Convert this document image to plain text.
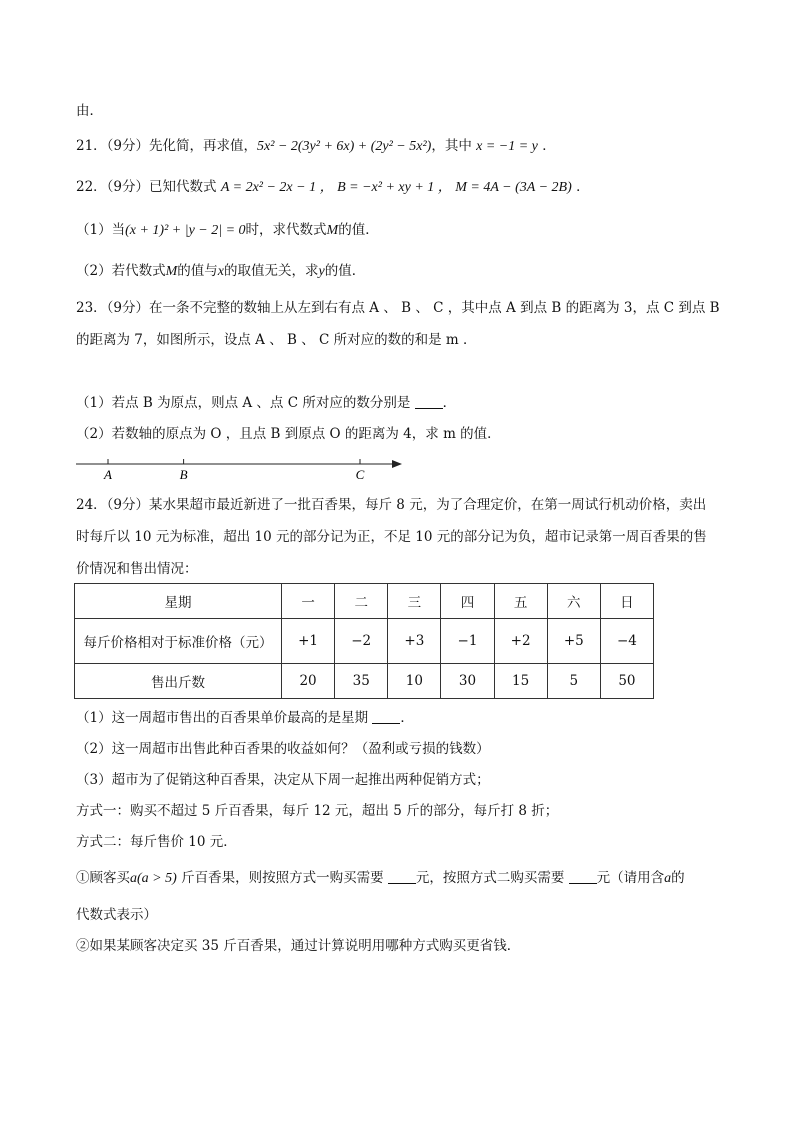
由．
21．（9分）先化简，再求值，5x² − 2(3y² + 6x) + (2y² − 5x²)，其中 x = −1 = y ．
22．（9分）已知代数式 A = 2x² − 2x − 1 ， B = −x² + xy + 1 ， M = 4A − (3A − 2B) ．
（1）当(x + 1)² + |y − 2| = 0时，求代数式M的值．
（2）若代数式M的值与x的取值无关，求y的值．
23．（9分）在一条不完整的数轴上从左到右有点 A 、 B 、 C ，其中点 A 到点 B 的距离为 3，点 C 到点 B
的距离为 7，如图所示，设点 A 、 B 、 C 所对应的数的和是 m ．
（1）若点 B 为原点，则点 A 、点 C 所对应的数分别是 ．
（2）若数轴的原点为 O ，且点 B 到原点 O 的距离为 4，求 m 的值．
A	B	C
24．（9分）某水果超市最近新进了一批百香果，每斤 8 元，为了合理定价，在第一周试行机动价格，卖出
时每斤以 10 元为标准，超出 10 元的部分记为正，不足 10 元的部分记为负，超市记录第一周百香果的售
价情况和售出情况：
星期	一	二	三	四	五	六	日
每斤价格相对于标准价格（元）	+1	−2	+3	−1	+2	+5	−4
售出斤数	20	35	10	30	15	5	50
（1）这一周超市售出的百香果单价最高的是星期 ．
（2）这一周超市出售此种百香果的收益如何？（盈利或亏损的钱数）
（3）超市为了促销这种百香果，决定从下周一起推出两种促销方式；
方式一：购买不超过 5 斤百香果，每斤 12 元，超出 5 斤的部分，每斤打 8 折；
方式二：每斤售价 10 元．
①顾客买a(a > 5) 斤百香果，则按照方式一购买需要 元，按照方式二购买需要 元（请用含a的
代数式表示）
②如果某顾客决定买 35 斤百香果，通过计算说明用哪种方式购买更省钱．
